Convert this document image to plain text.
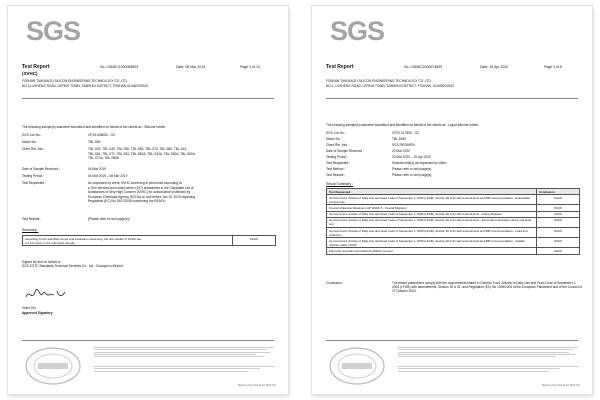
SGS
Test Report
(SVHC)
No. CANEC1900084803	Date: 08 Mar 2019	Page 1 of 14
FOSHAN TIAN BAOLI SILICON ENGINEERING TECHNOLOGY CO.,LTD.
NO.3,LUSHENG ROAD, LEPING TOWN, SANSHUI DISTRICT, FOSHAN,GUANGDONG
The following sample(s) was/were submitted and identified on behalf of the clients as : Silicone rubber
SGS Job No. :	CP19-008053 - GZ
Model No. :	TBL-S64
Client Ref. Info. :	TBL-S30, TBL-S40, TBL-S50, TBL-S60, TBL-S70, TBL-S80, TBL-S41,
TBL-S61, TBL-S71, TBL-S81, TBL-S60A, TBL-S40A, TBL-S50A, TBL-S60A,
TBL-S70A, TBL-S80A
Date of Sample Received :	04 Mar 2019
Testing Period :	04 Mar 2019 – 08 Mar 2019
Test Requested :	As requested by client, SVHC screening is performed according to:
● One hundred and ninety-seven (197) substances in the Candidate List of
Substances of Very High Concern (SVHC) for authorization published by
European Chemicals Agency (ECHA) on and before Jan 15, 2019 regarding
Regulation (EC) No 1907/2006 concerning the REACH.
Test Results :	(Please refer to next page(s)).
Summary :
According to the specified scope and evaluation screening, the test results of SVHC are
≤ 0.1% (w/w) in the submitted sample.	PASS
Signed for and on behalf of
SGS-CSTC Standards Technical Services Co., Ltd.- Guangzhou Branch
Violet Shi
Approved Signatory
Member of the SGS Group (SGS SA)
SGS
Test Report	No. CANEC2000574839	Date: 25 Apr 2020	Page 1 of 6
FOSHAN TIAN BAOLI SILICON ENGINEERING TECHNOLOGY CO.,LTD.
NO.3, LUSHENG ROAD, LEPING TOWN, SANSHUI DISTRICT, FOSHAN, GUANGDONG
The following sample(s) was/were submitted and identified on behalf of the clients as : Liquid silicone rubber
SGS Job No. :	CP20-017890 - GZ
Model No. :	TBL-6350
Client Ref. Info. :	SGS REGIMEN
Date of Sample Received :	20 Mar 2020
Testing Period :	20 Mar 2020 – 25 Apr 2020
Test Requested :	Selected test(s) as requested by client.
Test Method :	Please refer to next page(s).
Test Results :	Please refer to next page(s).
Result Summary :
Test Requested	Conclusion
German Food, Articles of Daily Use and Feed Code of September 1, 2005 (LFGB), Section 30 & 31 with amendments and BfR recommendation - Extractable components	PASS
Council of Europe Resolution AP (2004) 5 - Overall Migration	PASS
German Food, Articles of Daily Use and Feed Code of September 1, 2005 (LFGB), Section 30 & 31 with amendments - Colour Release	PASS
German Food, Articles of Daily Use and Feed Code of September 1, 2005 (LFGB), Section 30 & 31 with amendments - Sensorial examination odour and taste test	PASS
German Food, Articles of Daily Use and Feed Code of September 1, 2005 (LFGB), Section 30 & 31 with amendments and BfR recommendation - Lead and Cadmium	PASS
German Food, Articles of Daily Use and Feed Code of September 1, 2005 (LFGB), Section 30 & 31 with amendments and BfR recommendation - Volatile organic matter (VOM)	PASS
Polycyclic aromatic hydrocarbons (PAHs) Content	PASS
Conclusion :	The tested parameters comply with the requirements stated in German Food, Articles of Daily Use and Feed Code of September 1, 2005 (LFGB) with amendments, Section 30 & 31, and Regulation (EC) No 1935/2004 of the European Parliament and of the Council of 27 October 2004.
Member of the SGS Group (SGS SA)
